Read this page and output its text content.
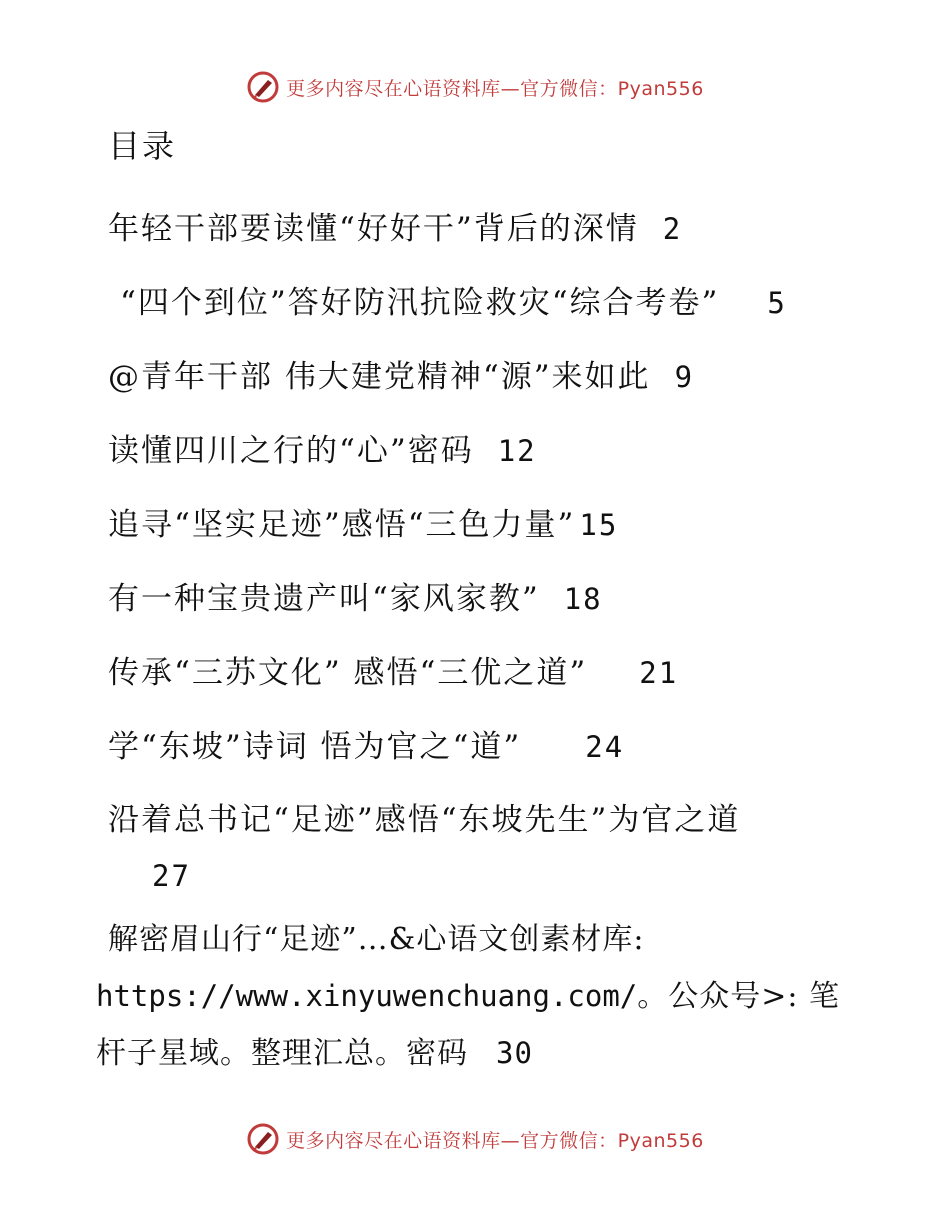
更多内容尽在心语资料库—官方微信：Pyan556
目录
年轻干部要读懂“好好干”背后的深情 2
“四个到位”答好防汛抗险救灾“综合考卷” 5
@青年干部 伟大建党精神“源”来如此 9
读懂四川之行的“心”密码 12
追寻“坚实足迹”感悟“三色力量” 15
有一种宝贵遗产叫“家风家教” 18
传承“三苏文化” 感悟“三优之道” 21
学“东坡”诗词 悟为官之“道” 24
沿着总书记“足迹”感悟“东坡先生”为官之道
27
解密眉山行“足迹”…&心语文创素材库:
https://www.xinyuwenchuang.com/。公众号>: 笔
杆子星域。整理汇总。密码 30
更多内容尽在心语资料库—官方微信：Pyan556
